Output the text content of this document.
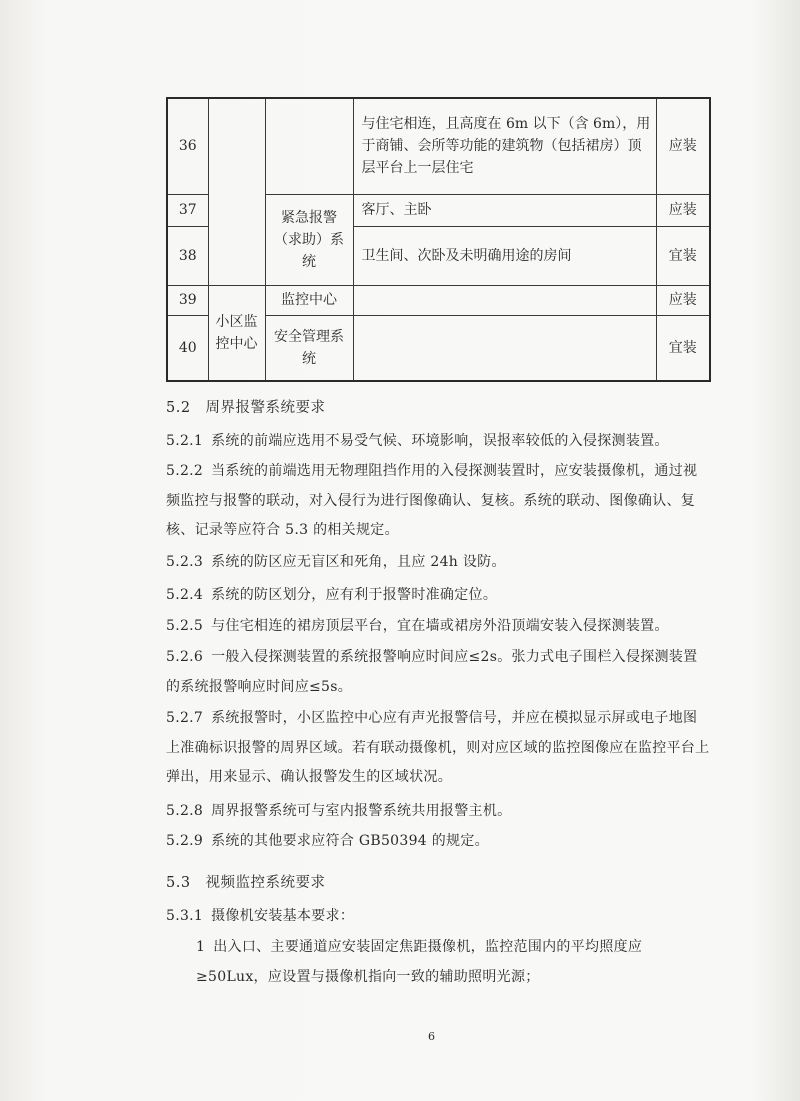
36			与住宅相连，且高度在 6m 以下（含 6m），用于商铺、会所等功能的建筑物（包括裙房）顶层平台上一层住宅	应装
37		紧急报警（求助）系统	客厅、主卧	应装
38			卫生间、次卧及未明确用途的房间	宜装
39	小区监控中心	监控中心		应装
40		安全管理系统		宜装
5.2　周界报警系统要求
5.2.1 系统的前端应选用不易受气候、环境影响，误报率较低的入侵探测装置。
5.2.2 当系统的前端选用无物理阻挡作用的入侵探测装置时，应安装摄像机，通过视频监控与报警的联动，对入侵行为进行图像确认、复核。系统的联动、图像确认、复核、记录等应符合 5.3 的相关规定。
5.2.3 系统的防区应无盲区和死角，且应 24h 设防。
5.2.4 系统的防区划分，应有利于报警时准确定位。
5.2.5 与住宅相连的裙房顶层平台，宜在墙或裙房外沿顶端安装入侵探测装置。
5.2.6 一般入侵探测装置的系统报警响应时间应≤2s。张力式电子围栏入侵探测装置的系统报警响应时间应≤5s。
5.2.7 系统报警时，小区监控中心应有声光报警信号，并应在模拟显示屏或电子地图上准确标识报警的周界区域。若有联动摄像机，则对应区域的监控图像应在监控平台上弹出，用来显示、确认报警发生的区域状况。
5.2.8 周界报警系统可与室内报警系统共用报警主机。
5.2.9 系统的其他要求应符合 GB50394 的规定。
5.3　视频监控系统要求
5.3.1 摄像机安装基本要求：
1 出入口、主要通道应安装固定焦距摄像机，监控范围内的平均照度应≥50Lux，应设置与摄像机指向一致的辅助照明光源；
6
